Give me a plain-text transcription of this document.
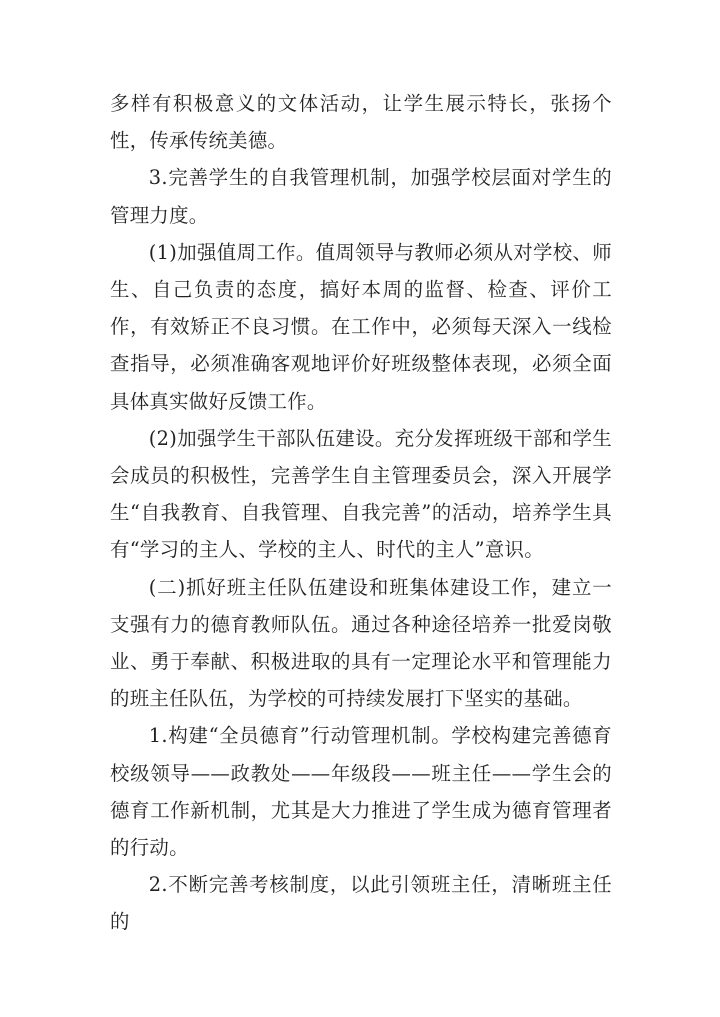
多样有积极意义的文体活动，让学生展示特长，张扬个性，传承传统美德。

3.完善学生的自我管理机制，加强学校层面对学生的管理力度。

(1)加强值周工作。值周领导与教师必须从对学校、师生、自己负责的态度，搞好本周的监督、检查、评价工作，有效矫正不良习惯。在工作中，必须每天深入一线检查指导，必须准确客观地评价好班级整体表现，必须全面具体真实做好反馈工作。

(2)加强学生干部队伍建设。充分发挥班级干部和学生会成员的积极性，完善学生自主管理委员会，深入开展学生“自我教育、自我管理、自我完善”的活动，培养学生具有“学习的主人、学校的主人、时代的主人”意识。

(二)抓好班主任队伍建设和班集体建设工作，建立一支强有力的德育教师队伍。通过各种途径培养一批爱岗敬业、勇于奉献、积极进取的具有一定理论水平和管理能力的班主任队伍，为学校的可持续发展打下坚实的基础。

1.构建“全员德育”行动管理机制。学校构建完善德育校级领导——政教处——年级段——班主任——学生会的德育工作新机制，尤其是大力推进了学生成为德育管理者的行动。

2.不断完善考核制度，以此引领班主任，清晰班主任的
